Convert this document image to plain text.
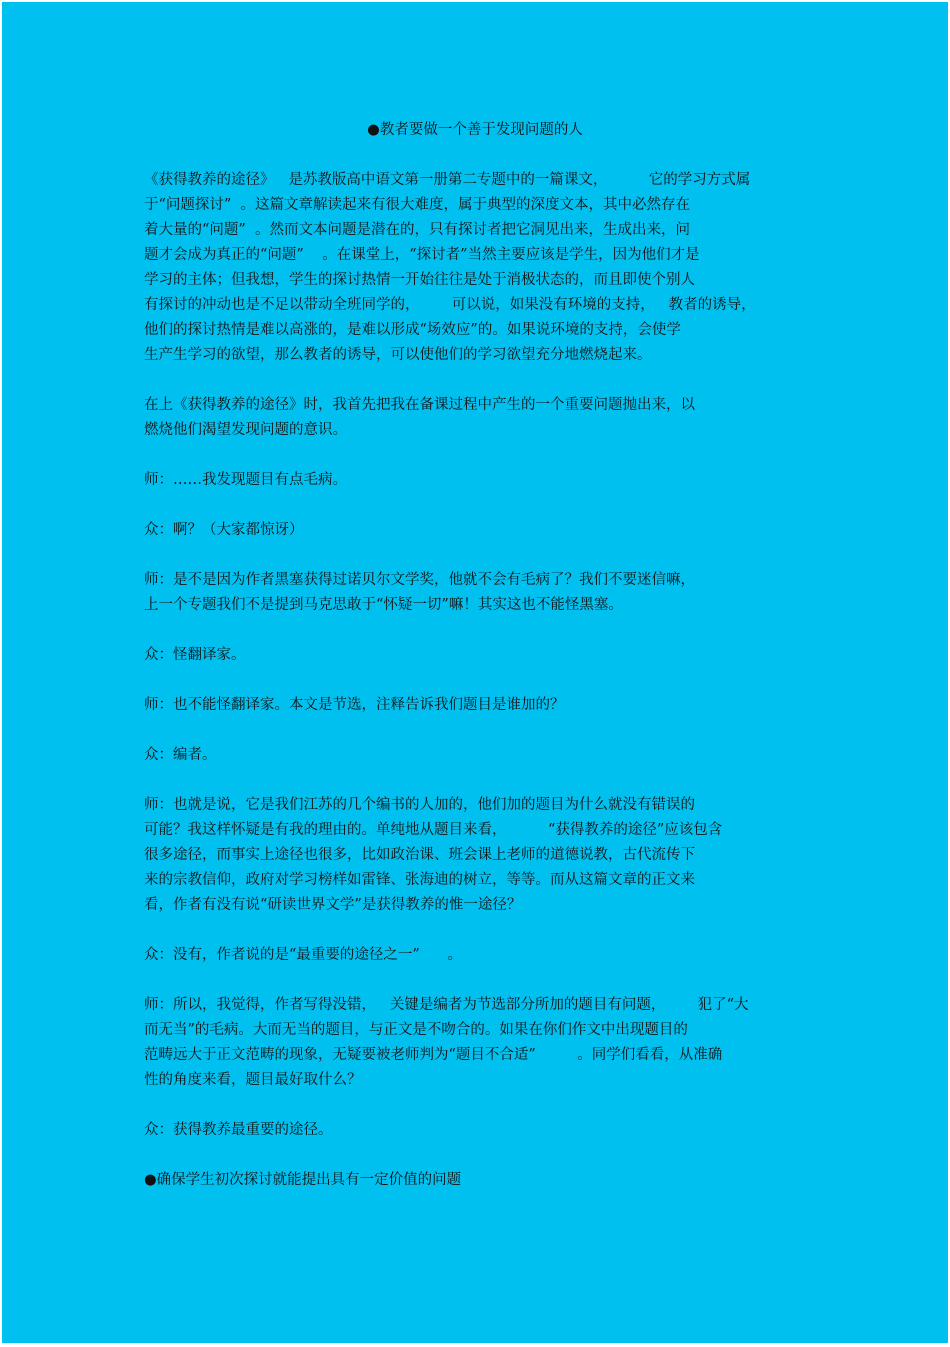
●教者要做一个善于发现问题的人

《获得教养的途径》   是苏教版高中语文第一册第二专题中的一篇课文，         它的学习方式属
于“问题探讨”  。这篇文章解读起来有很大难度，属于典型的深度文本，其中必然存在
着大量的“问题”  。然而文本问题是潜在的，只有探讨者把它洞见出来，生成出来，问
题才会成为真正的“问题”    。在课堂上，“探讨者”当然主要应该是学生，因为他们才是
学习的主体；但我想，学生的探讨热情一开始往往是处于消极状态的，而且即使个别人
有探讨的冲动也是不足以带动全班同学的，       可以说，如果没有环境的支持，   教者的诱导，
他们的探讨热情是难以高涨的，是难以形成“场效应”的。如果说环境的支持，会使学
生产生学习的欲望，那么教者的诱导，可以使他们的学习欲望充分地燃烧起来。

在上《获得教养的途径》时，我首先把我在备课过程中产生的一个重要问题抛出来，以
燃烧他们渴望发现问题的意识。

师：……我发现题目有点毛病。

众：啊？（大家都惊讶）

师：是不是因为作者黑塞获得过诺贝尔文学奖，他就不会有毛病了？我们不要迷信嘛，
上一个专题我们不是提到马克思敢于“怀疑一切”嘛！其实这也不能怪黑塞。

众：怪翻译家。

师：也不能怪翻译家。本文是节选，注释告诉我们题目是谁加的？

众：编者。

师：也就是说，它是我们江苏的几个编书的人加的，他们加的题目为什么就没有错误的
可能？我这样怀疑是有我的理由的。单纯地从题目来看，         “获得教养的途径”应该包含
很多途径，而事实上途径也很多，比如政治课、班会课上老师的道德说教，古代流传下
来的宗教信仰，政府对学习榜样如雷锋、张海迪的树立，等等。而从这篇文章的正文来
看，作者有没有说“研读世界文学”是获得教养的惟一途径？

众：没有，作者说的是“最重要的途径之一”      。

师：所以，我觉得，作者写得没错，   关键是编者为节选部分所加的题目有问题，       犯了“大
而无当”的毛病。大而无当的题目，与正文是不吻合的。如果在你们作文中出现题目的
范畴远大于正文范畴的现象，无疑要被老师判为“题目不合适”         。同学们看看，从准确
性的角度来看，题目最好取什么？

众：获得教养最重要的途径。

●确保学生初次探讨就能提出具有一定价值的问题
